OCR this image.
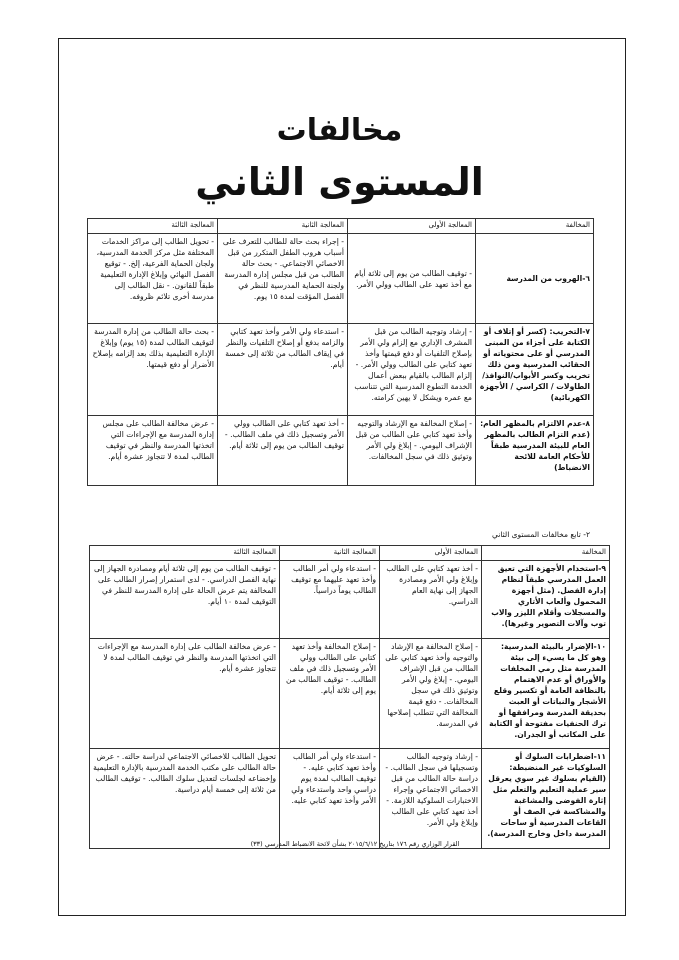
مخالفات
المستوى الثاني
المخالفة	المعالجة الأولى	المعالجة الثانية	المعالجة الثالثة
٦-الهروب من المدرسة	- توقيف الطالب من يوم إلى ثلاثة أيام مع أخذ تعهد على الطالب وولي الأمر.	- إجراء بحث حالة للطالب للتعرف على أسباب هروب الطفل المتكرر من قبل الاخصائي الاجتماعي. - بحث حالة الطالب من قبل مجلس إدارة المدرسة ولجنة الحماية المدرسية للنظر في الفصل المؤقت لمدة ١٥ يوم.	- تحويل الطالب إلى مراكز الخدمات المختلفة مثل مركز الخدمة المدرسية، ولجان الحماية الفرعية، إلخ. - توقيع الفصل النهائي وإبلاغ الإدارة التعليمية طبقاً للقانون. - نقل الطالب إلى مدرسة أخرى تلائم ظروفه.
٧-التخريب: (كسر أو إتلاف أو الكتابة على أجزاء من المبنى المدرسي أو على محتوياته أو الحقائب المدرسية ومن ذلك تخريب وكسر الأبواب/النوافذ/ الطاولات / الكراسي / الأجهزة الكهربائية)	- إرشاد وتوجيه الطالب من قبل المشرف الإداري مع إلزام ولي الأمر بإصلاح التلفيات أو دفع قيمتها وأخذ تعهد كتابي على الطالب وولي الأمر. - إلزام الطالب بالقيام ببعض أعمال الخدمة التطوع المدرسية التي تتناسب مع عمره ويشكل لا يهين كرامته.	- استدعاء ولي الأمر وأخذ تعهد كتابي والزامه بدفع أو إصلاح التلفيات والنظر في إيقاف الطالب من ثلاثة إلى خمسة أيام.	- بحث حالة الطالب من إدارة المدرسة لتوقيف الطالب لمدة (١٥ يوم) وإبلاغ الإدارة التعليمية بذلك بعد إلزامه بإصلاح الأضرار أو دفع قيمتها.
٨-عدم الالتزام بالمظهر العام: (عدم التزام الطالب بالمظهر العام للبيئة المدرسية طبقاً للأحكام العامة للائحة الانضباط)	- إصلاح المخالفة مع الإرشاد والتوجيه وأخذ تعهد كتابي على الطالب من قبل الإشراف اليومي. - إبلاغ ولي الأمر وتوثيق ذلك في سجل المخالفات.	- أخذ تعهد كتابي على الطالب وولي الأمر وتسجيل ذلك في ملف الطالب. - توقيف الطالب من يوم إلى ثلاثة أيام.	- عرض مخالفة الطالب على مجلس إدارة المدرسة مع الإجراءات التي اتخذتها المدرسة والنظر في توقيف الطالب لمدة لا تتجاوز عشرة أيام.
٢- تابع مخالفات المستوى الثاني
المخالفة	المعالجة الأولى	المعالجة الثانية	المعالجة الثالثة
٩-استخدام الأجهزة التي تعيق العمل المدرسي طبقاً لنظام إدارة الفصل. (مثل أجهزة المحمول وألعاب الأتاري والمسجلات وأقلام الليزر والاب توب وآلات التصوير وغيرها).	- أخذ تعهد كتابي على الطالب وإبلاغ ولي الأمر ومصادرة الجهاز إلى نهاية العام الدراسي.	- استدعاء ولي أمر الطالب وأخذ تعهد عليهما مع توقيف الطالب يوماً دراسياً.	- توقيف الطالب من يوم إلى ثلاثة أيام ومصادرة الجهاز إلى نهاية الفصل الدراسي. - لدى استمرار إصرار الطالب على المخالفة يتم عرض الحالة على إدارة المدرسة للنظر في التوقيف لمدة ١٠ أيام.
١٠-الإضرار بالبيئة المدرسية: وهو كل ما يسيء إلى بيئة المدرسة مثل رمي المخلفات والأوراق أو عدم الاهتمام بالنظافة العامة أو تكسير وقلع الأشجار والنباتات أو العبث بحديقة المدرسة ومرافقها أو ترك الحنفيات مفتوحة أو الكتابة على المكاتب أو الجدران.	- إصلاح المخالفة مع الإرشاد والتوجيه وأخذ تعهد كتابي على الطالب من قبل الإشراف اليومي. - إبلاغ ولي الأمر وتوثيق ذلك في سجل المخالفات. - دفع قيمة المخالفة التي تتطلب إصلاحها في المدرسة.	- إصلاح المخالفة وأخذ تعهد كتابي على الطالب وولي الأمر وتسجيل ذلك في ملف الطالب. - توقيف الطالب من يوم إلى ثلاثة أيام.	- عرض مخالفة الطالب على إدارة المدرسة مع الإجراءات التي اتخذتها المدرسة والنظر في توقيف الطالب لمدة لا تتجاوز عشرة أيام.
١١-اضطرابات السلوك أو السلوكيات غير المنضبطة: (القيام بسلوك غير سوي يعرقل سير عملية التعليم والتعلم مثل إثارة الفوضى والمشاغبة والمشاكسة في الصف أو القاعات المدرسية أو ساحات المدرسة داخل وخارج المدرسة).	- إرشاد وتوجيه الطالب وتسجيلها في سجل الطالب. - دراسة حالة الطالب من قبل الاخصائي الاجتماعي وإجراء الاختبارات السلوكية اللازمة. - أخذ تعهد كتابي على الطالب وإبلاغ ولي الأمر.	- استدعاء ولي أمر الطالب وأخذ تعهد كتابي عليه. - توقيف الطالب لمدة يوم دراسي واحد واستدعاء ولي الأمر وأخذ تعهد كتابي عليه.	تحويل الطالب للاخصائي الاجتماعي لدراسة حالته. - عرض حالة الطالب على مكتب الخدمة المدرسية بالإدارة التعليمية وإخضاعه لجلسات لتعديل سلوك الطالب. - توقيف الطالب من ثلاثة إلى خمسة أيام دراسية.
القرار الوزاري رقم ١٧٦ بتاريخ ٢٠١٥/٦/١٢ بشأن لائحة الانضباط المدرسي (٣٣)
